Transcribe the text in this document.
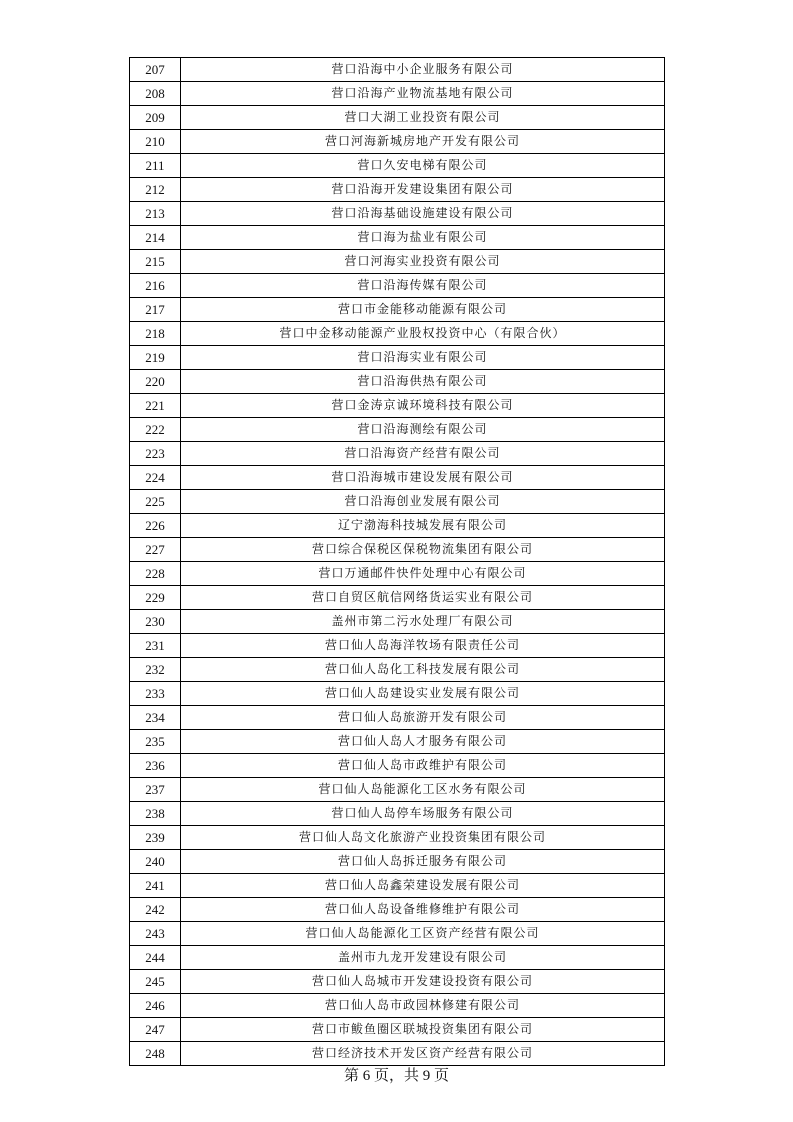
207	营口沿海中小企业服务有限公司
208	营口沿海产业物流基地有限公司
209	营口大湖工业投资有限公司
210	营口河海新城房地产开发有限公司
211	营口久安电梯有限公司
212	营口沿海开发建设集团有限公司
213	营口沿海基础设施建设有限公司
214	营口海为盐业有限公司
215	营口河海实业投资有限公司
216	营口沿海传媒有限公司
217	营口市金能移动能源有限公司
218	营口中金移动能源产业股权投资中心（有限合伙）
219	营口沿海实业有限公司
220	营口沿海供热有限公司
221	营口金涛京诚环境科技有限公司
222	营口沿海测绘有限公司
223	营口沿海资产经营有限公司
224	营口沿海城市建设发展有限公司
225	营口沿海创业发展有限公司
226	辽宁渤海科技城发展有限公司
227	营口综合保税区保税物流集团有限公司
228	营口万通邮件快件处理中心有限公司
229	营口自贸区航信网络货运实业有限公司
230	盖州市第二污水处理厂有限公司
231	营口仙人岛海洋牧场有限责任公司
232	营口仙人岛化工科技发展有限公司
233	营口仙人岛建设实业发展有限公司
234	营口仙人岛旅游开发有限公司
235	营口仙人岛人才服务有限公司
236	营口仙人岛市政维护有限公司
237	营口仙人岛能源化工区水务有限公司
238	营口仙人岛停车场服务有限公司
239	营口仙人岛文化旅游产业投资集团有限公司
240	营口仙人岛拆迁服务有限公司
241	营口仙人岛鑫荣建设发展有限公司
242	营口仙人岛设备维修维护有限公司
243	营口仙人岛能源化工区资产经营有限公司
244	盖州市九龙开发建设有限公司
245	营口仙人岛城市开发建设投资有限公司
246	营口仙人岛市政园林修建有限公司
247	营口市鲅鱼圈区联城投资集团有限公司
248	营口经济技术开发区资产经营有限公司
第 6 页，共 9 页
